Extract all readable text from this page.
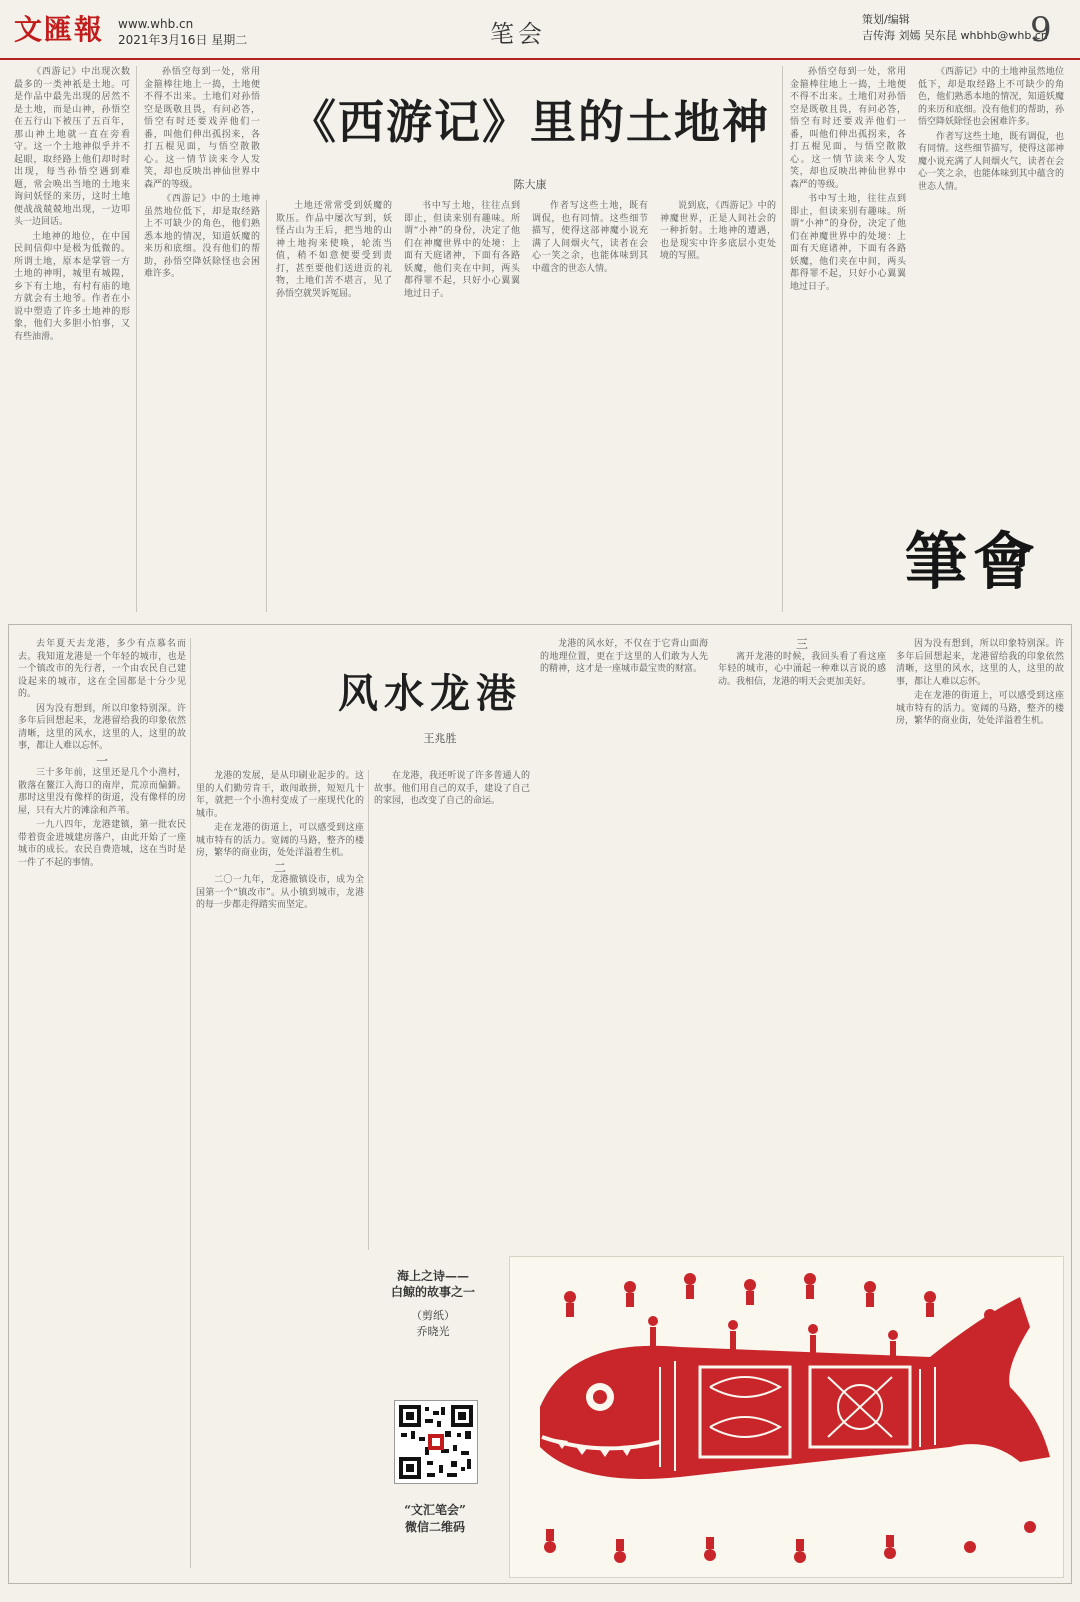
文匯報 www.whb.cn
2021年3月16日 星期二	笔会
策划/编辑
吉传海 刘嫣 吴东昆 whbhb@whb.cn
9
《西游记》里的土地神
陈大康

《西游记》中出现次数最多的一类神祇是土地。可是作品中最先出现的居然不是土地，而是山神，孙悟空在五行山下被压了五百年，那山神土地就一直在旁看守。这一个土地神似乎并不起眼，取经路上他们却时时出现，每当孙悟空遇到难题，常会唤出当地的土地来询问妖怪的来历，这时土地便战战兢兢地出现，一边叩头一边回话。

土地神的地位，在中国民间信仰中是极为低微的。所谓土地，原本是掌管一方土地的神明，城里有城隍，乡下有土地，有村有庙的地方就会有土地爷。作者在小说中塑造了许多土地神的形象，他们大多胆小怕事，又有些油滑。

孙悟空每到一处，常用金箍棒往地上一捣，土地便不得不出来。土地们对孙悟空是既敬且畏，有问必答，悟空有时还要戏弄他们一番，叫他们伸出孤拐来，各打五棍见面，与悟空散散心。这一情节读来令人发笑，却也反映出神仙世界中森严的等级。

《西游记》中的土地神虽然地位低下，却是取经路上不可缺少的角色，他们熟悉本地的情况，知道妖魔的来历和底细。没有他们的帮助，孙悟空降妖除怪也会困难许多。

土地还常常受到妖魔的欺压。作品中屡次写到，妖怪占山为王后，把当地的山神土地拘来使唤，轮流当值，稍不如意便要受到责打，甚至要他们送进贡的礼物，土地们苦不堪言，见了孙悟空就哭诉冤屈。

书中写土地，往往点到即止，但读来别有趣味。所谓“小神”的身份，决定了他们在神魔世界中的处境：上面有天庭诸神，下面有各路妖魔，他们夹在中间，两头都得罪不起，只好小心翼翼地过日子。

作者写这些土地，既有调侃，也有同情。这些细节描写，使得这部神魔小说充满了人间烟火气，读者在会心一笑之余，也能体味到其中蕴含的世态人情。

说到底，《西游记》中的神魔世界，正是人间社会的一种折射。土地神的遭遇，也是现实中许多底层小吏处境的写照。

孙悟空每到一处，常用金箍棒往地上一捣，土地便不得不出来。土地们对孙悟空是既敬且畏，有问必答，悟空有时还要戏弄他们一番，叫他们伸出孤拐来，各打五棍见面，与悟空散散心。这一情节读来令人发笑，却也反映出神仙世界中森严的等级。

书中写土地，往往点到即止，但读来别有趣味。所谓“小神”的身份，决定了他们在神魔世界中的处境：上面有天庭诸神，下面有各路妖魔，他们夹在中间，两头都得罪不起，只好小心翼翼地过日子。

《西游记》中的土地神虽然地位低下，却是取经路上不可缺少的角色，他们熟悉本地的情况，知道妖魔的来历和底细。没有他们的帮助，孙悟空降妖除怪也会困难许多。

作者写这些土地，既有调侃，也有同情。这些细节描写，使得这部神魔小说充满了人间烟火气，读者在会心一笑之余，也能体味到其中蕴含的世态人情。

筆會
风水龙港
王兆胜

去年夏天去龙港，多少有点慕名而去。我知道龙港是一个年轻的城市，也是一个镇改市的先行者，一个由农民自己建设起来的城市，这在全国都是十分少见的。

因为没有想到，所以印象特别深。许多年后回想起来，龙港留给我的印象依然清晰，这里的风水，这里的人，这里的故事，都让人难以忘怀。

一

三十多年前，这里还是几个小渔村，散落在鳌江入海口的南岸，荒凉而偏僻。那时这里没有像样的街道，没有像样的房屋，只有大片的滩涂和芦苇。

一九八四年，龙港建镇，第一批农民带着资金进城建房落户，由此开始了一座城市的成长。农民自费造城，这在当时是一件了不起的事情。

龙港的发展，是从印刷业起步的。这里的人们勤劳肯干，敢闯敢拼，短短几十年，就把一个小渔村变成了一座现代化的城市。

走在龙港的街道上，可以感受到这座城市特有的活力。宽阔的马路，整齐的楼房，繁华的商业街，处处洋溢着生机。

二

二〇一九年，龙港撤镇设市，成为全国第一个“镇改市”。从小镇到城市，龙港的每一步都走得踏实而坚定。

在龙港，我还听说了许多普通人的故事。他们用自己的双手，建设了自己的家园，也改变了自己的命运。

龙港的风水好，不仅在于它背山面海的地理位置，更在于这里的人们敢为人先的精神，这才是一座城市最宝贵的财富。

三

离开龙港的时候，我回头看了看这座年轻的城市，心中涌起一种难以言说的感动。我相信，龙港的明天会更加美好。

因为没有想到，所以印象特别深。许多年后回想起来，龙港留给我的印象依然清晰，这里的风水，这里的人，这里的故事，都让人难以忘怀。

走在龙港的街道上，可以感受到这座城市特有的活力。宽阔的马路，整齐的楼房，繁华的商业街，处处洋溢着生机。

海上之诗——
白鲸的故事之一
（剪纸）
乔晓光
“文汇笔会”
微信二维码
